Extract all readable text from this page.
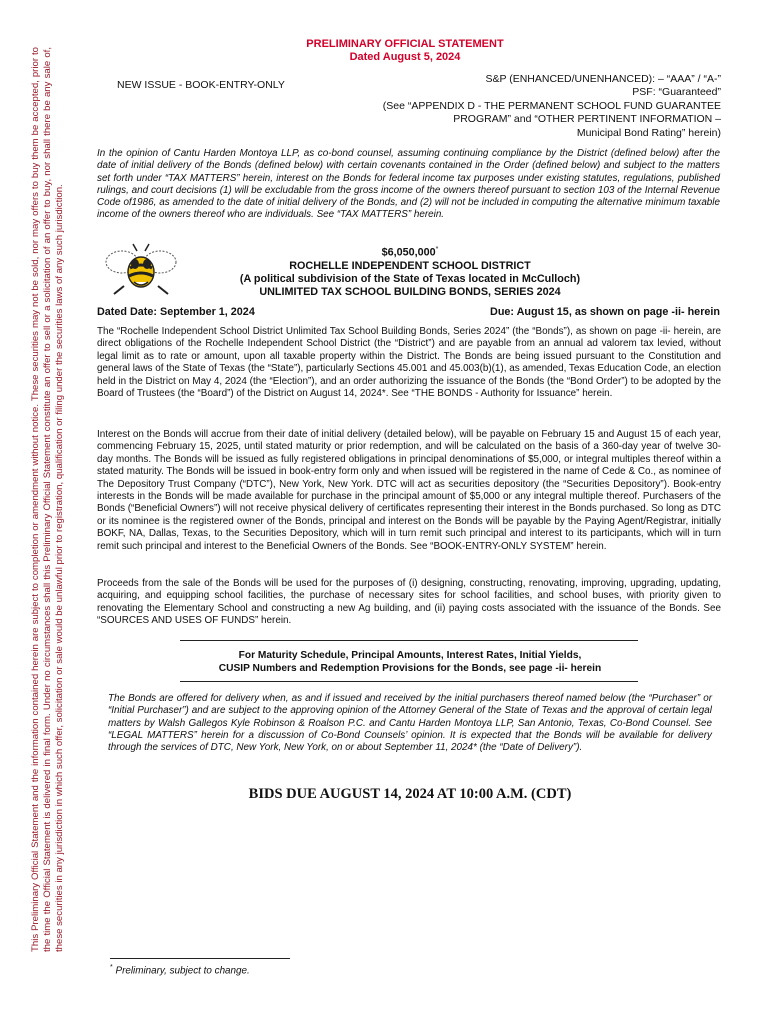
This Preliminary Official Statement and the information contained herein are subject to completion or amendment without notice. These securities may not be sold, nor may offers to buy them be accepted, prior to the time the Official Statement is delivered in final form. Under no circumstances shall this Preliminary Official Statement constitute an offer to sell or a solicitation of an offer to buy, nor shall there be any sale of, these securities in any jurisdiction in which such offer, solicitation or sale would be unlawful prior to registration, qualification or filing under the securities laws of any such jurisdiction.
PRELIMINARY OFFICIAL STATEMENT
Dated August 5, 2024
NEW ISSUE - BOOK-ENTRY-ONLY	S&P (ENHANCED/UNENHANCED): – “AAA” / “A-”
PSF: “Guaranteed”
(See “APPENDIX D - THE PERMANENT SCHOOL FUND GUARANTEE
PROGRAM” and “OTHER PERTINENT INFORMATION –
Municipal Bond Rating” herein)
In the opinion of Cantu Harden Montoya LLP, as co-bond counsel, assuming continuing compliance by the District (defined below) after the date of initial delivery of the Bonds (defined below) with certain covenants contained in the Order (defined below) and subject to the matters set forth under “TAX MATTERS” herein, interest on the Bonds for federal income tax purposes under existing statutes, regulations, published rulings, and court decisions (1) will be excludable from the gross income of the owners thereof pursuant to section 103 of the Internal Revenue Code of1986, as amended to the date of initial delivery of the Bonds, and (2) will not be included in computing the alternative minimum taxable income of the owners thereof who are individuals. See “TAX MATTERS” herein.
$6,050,000*
ROCHELLE INDEPENDENT SCHOOL DISTRICT
(A political subdivision of the State of Texas located in McCulloch)
UNLIMITED TAX SCHOOL BUILDING BONDS, SERIES 2024
Dated Date: September 1, 2024	Due: August 15, as shown on page -ii- herein
The “Rochelle Independent School District Unlimited Tax School Building Bonds, Series 2024” (the “Bonds”), as shown on page -ii- herein, are direct obligations of the Rochelle Independent School District (the “District”) and are payable from an annual ad valorem tax levied, without legal limit as to rate or amount, upon all taxable property within the District. The Bonds are being issued pursuant to the Constitution and general laws of the State of Texas (the “State”), particularly Sections 45.001 and 45.003(b)(1), as amended, Texas Education Code, an election held in the District on May 4, 2024 (the “Election”), and an order authorizing the issuance of the Bonds (the “Bond Order”) to be adopted by the Board of Trustees (the “Board”) of the District on August 14, 2024*. See “THE BONDS - Authority for Issuance” herein.
Interest on the Bonds will accrue from their date of initial delivery (detailed below), will be payable on February 15 and August 15 of each year, commencing February 15, 2025, until stated maturity or prior redemption, and will be calculated on the basis of a 360-day year of twelve 30-day months. The Bonds will be issued as fully registered obligations in principal denominations of $5,000, or integral multiples thereof within a stated maturity. The Bonds will be issued in book-entry form only and when issued will be registered in the name of Cede & Co., as nominee of The Depository Trust Company (“DTC”), New York, New York. DTC will act as securities depository (the “Securities Depository”). Book-entry interests in the Bonds will be made available for purchase in the principal amount of $5,000 or any integral multiple thereof. Purchasers of the Bonds (“Beneficial Owners”) will not receive physical delivery of certificates representing their interest in the Bonds purchased. So long as DTC or its nominee is the registered owner of the Bonds, principal and interest on the Bonds will be payable by the Paying Agent/Registrar, initially BOKF, NA, Dallas, Texas, to the Securities Depository, which will in turn remit such principal and interest to its participants, which will in turn remit such principal and interest to the Beneficial Owners of the Bonds. See “BOOK-ENTRY-ONLY SYSTEM” herein.
Proceeds from the sale of the Bonds will be used for the purposes of (i) designing, constructing, renovating, improving, upgrading, updating, acquiring, and equipping school facilities, the purchase of necessary sites for school facilities, and school buses, with priority given to renovating the Elementary School and constructing a new Ag building, and (ii) paying costs associated with the issuance of the Bonds. See “SOURCES AND USES OF FUNDS” herein.
For Maturity Schedule, Principal Amounts, Interest Rates, Initial Yields,
CUSIP Numbers and Redemption Provisions for the Bonds, see page -ii- herein
The Bonds are offered for delivery when, as and if issued and received by the initial purchasers thereof named below (the “Purchaser” or “Initial Purchaser”) and are subject to the approving opinion of the Attorney General of the State of Texas and the approval of certain legal matters by Walsh Gallegos Kyle Robinson & Roalson P.C. and Cantu Harden Montoya LLP, San Antonio, Texas, Co-Bond Counsel. See “LEGAL MATTERS” herein for a discussion of Co-Bond Counsels’ opinion. It is expected that the Bonds will be available for delivery through the services of DTC, New York, New York, on or about September 11, 2024* (the “Date of Delivery”).
BIDS DUE AUGUST 14, 2024 AT 10:00 A.M. (CDT)
* Preliminary, subject to change.
